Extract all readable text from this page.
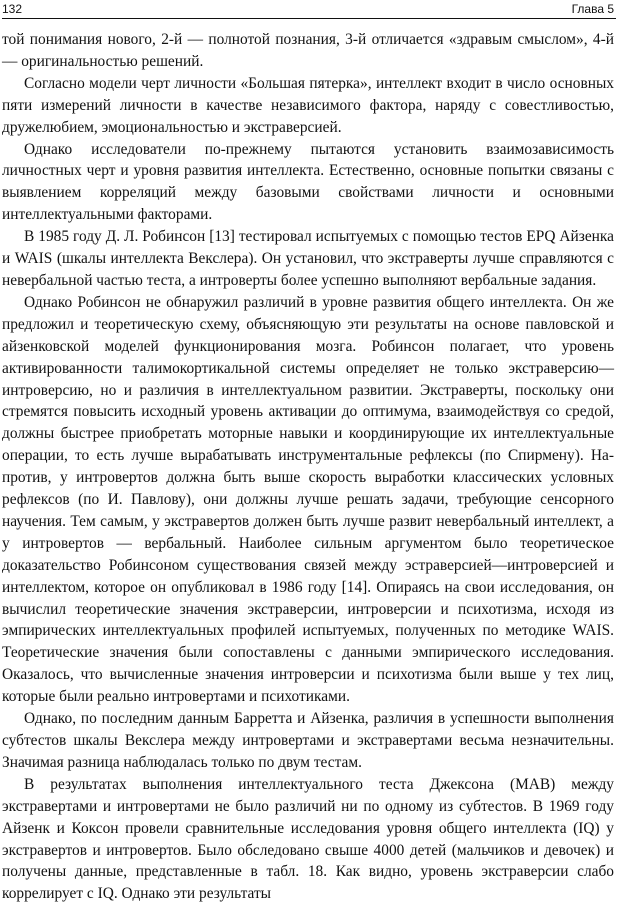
132	Глава 5

той понимания нового, 2-й — полнотой познания, 3-й отличается «здравым смыслом», 4-й — оригинальностью решений.

Согласно модели черт личности «Большая пятерка», интеллект входит в число основных пяти измерений личности в качестве независимого фактора, наряду с совестливостью, дружелюбием, эмоциональностью и экстраверсией.

Однако исследователи по-прежнему пытаются установить взаимозависимость личностных черт и уровня развития интеллекта. Естественно, основные попытки связаны с выявлением корреляций между базовыми свойствами личности и основными интеллектуальными факторами.

В 1985 году Д. Л. Робинсон [13] тестировал испытуемых с помощью тестов EPQ Айзенка и WAIS (шкалы интеллекта Векслера). Он установил, что экстраверты лучше справляются с невербальной частью теста, а интроверты более успешно выполняют вербальные задания.

Однако Робинсон не обнаружил различий в уровне развития общего интеллекта. Он же предложил и теоретическую схему, объясняющую эти результаты на основе павловской и айзенковской моделей функционирования мозга. Робинсон полагает, что уровень активированности талимокортикальной системы определяет не только экстраверсию—интроверсию, но и различия в интеллектуальном развитии. Экстраверты, поскольку они стремятся повысить исходный уровень активации до оптимума, взаимодействуя со средой, должны быстрее приобретать моторные навыки и координирующие их интеллектуальные операции, то есть лучше вырабатывать инструментальные рефлексы (по Спирмену). Напротив, у интровертов должна быть выше скорость выработки классических условных рефлексов (по И. Павлову), они должны лучше решать задачи, требующие сенсорного научения. Тем самым, у экстравертов должен быть лучше развит невербальный интеллект, а у интровертов — вербальный. Наиболее сильным аргументом было теоретическое доказательство Робинсоном существования связей между эстраверсией—интроверсией и интеллектом, которое он опубликовал в 1986 году [14]. Опираясь на свои исследования, он вычислил теоретические значения экстраверсии, интроверсии и психотизма, исходя из эмпирических интеллектуальных профилей испытуемых, полученных по методике WAIS. Теоретические значения были сопоставлены с данными эмпирического исследования. Оказалось, что вычисленные значения интроверсии и психотизма были выше у тех лиц, которые были реально интровертами и психотиками.

Однако, по последним данным Барретта и Айзенка, различия в успешности выполнения субтестов шкалы Векслера между интровертами и экстравертами весьма незначительны. Значимая разница наблюдалась только по двум тестам.

В результатах выполнения интеллектуального теста Джексона (MAB) между экстравертами и интровертами не было различий ни по одному из субтестов. В 1969 году Айзенк и Коксон провели сравнительные исследования уровня общего интеллекта (IQ) у экстравертов и интровертов. Было обследовано свыше 4000 детей (мальчиков и девочек) и получены данные, представленные в табл. 18. Как видно, уровень экстраверсии слабо коррелирует с IQ. Однако эти результаты
